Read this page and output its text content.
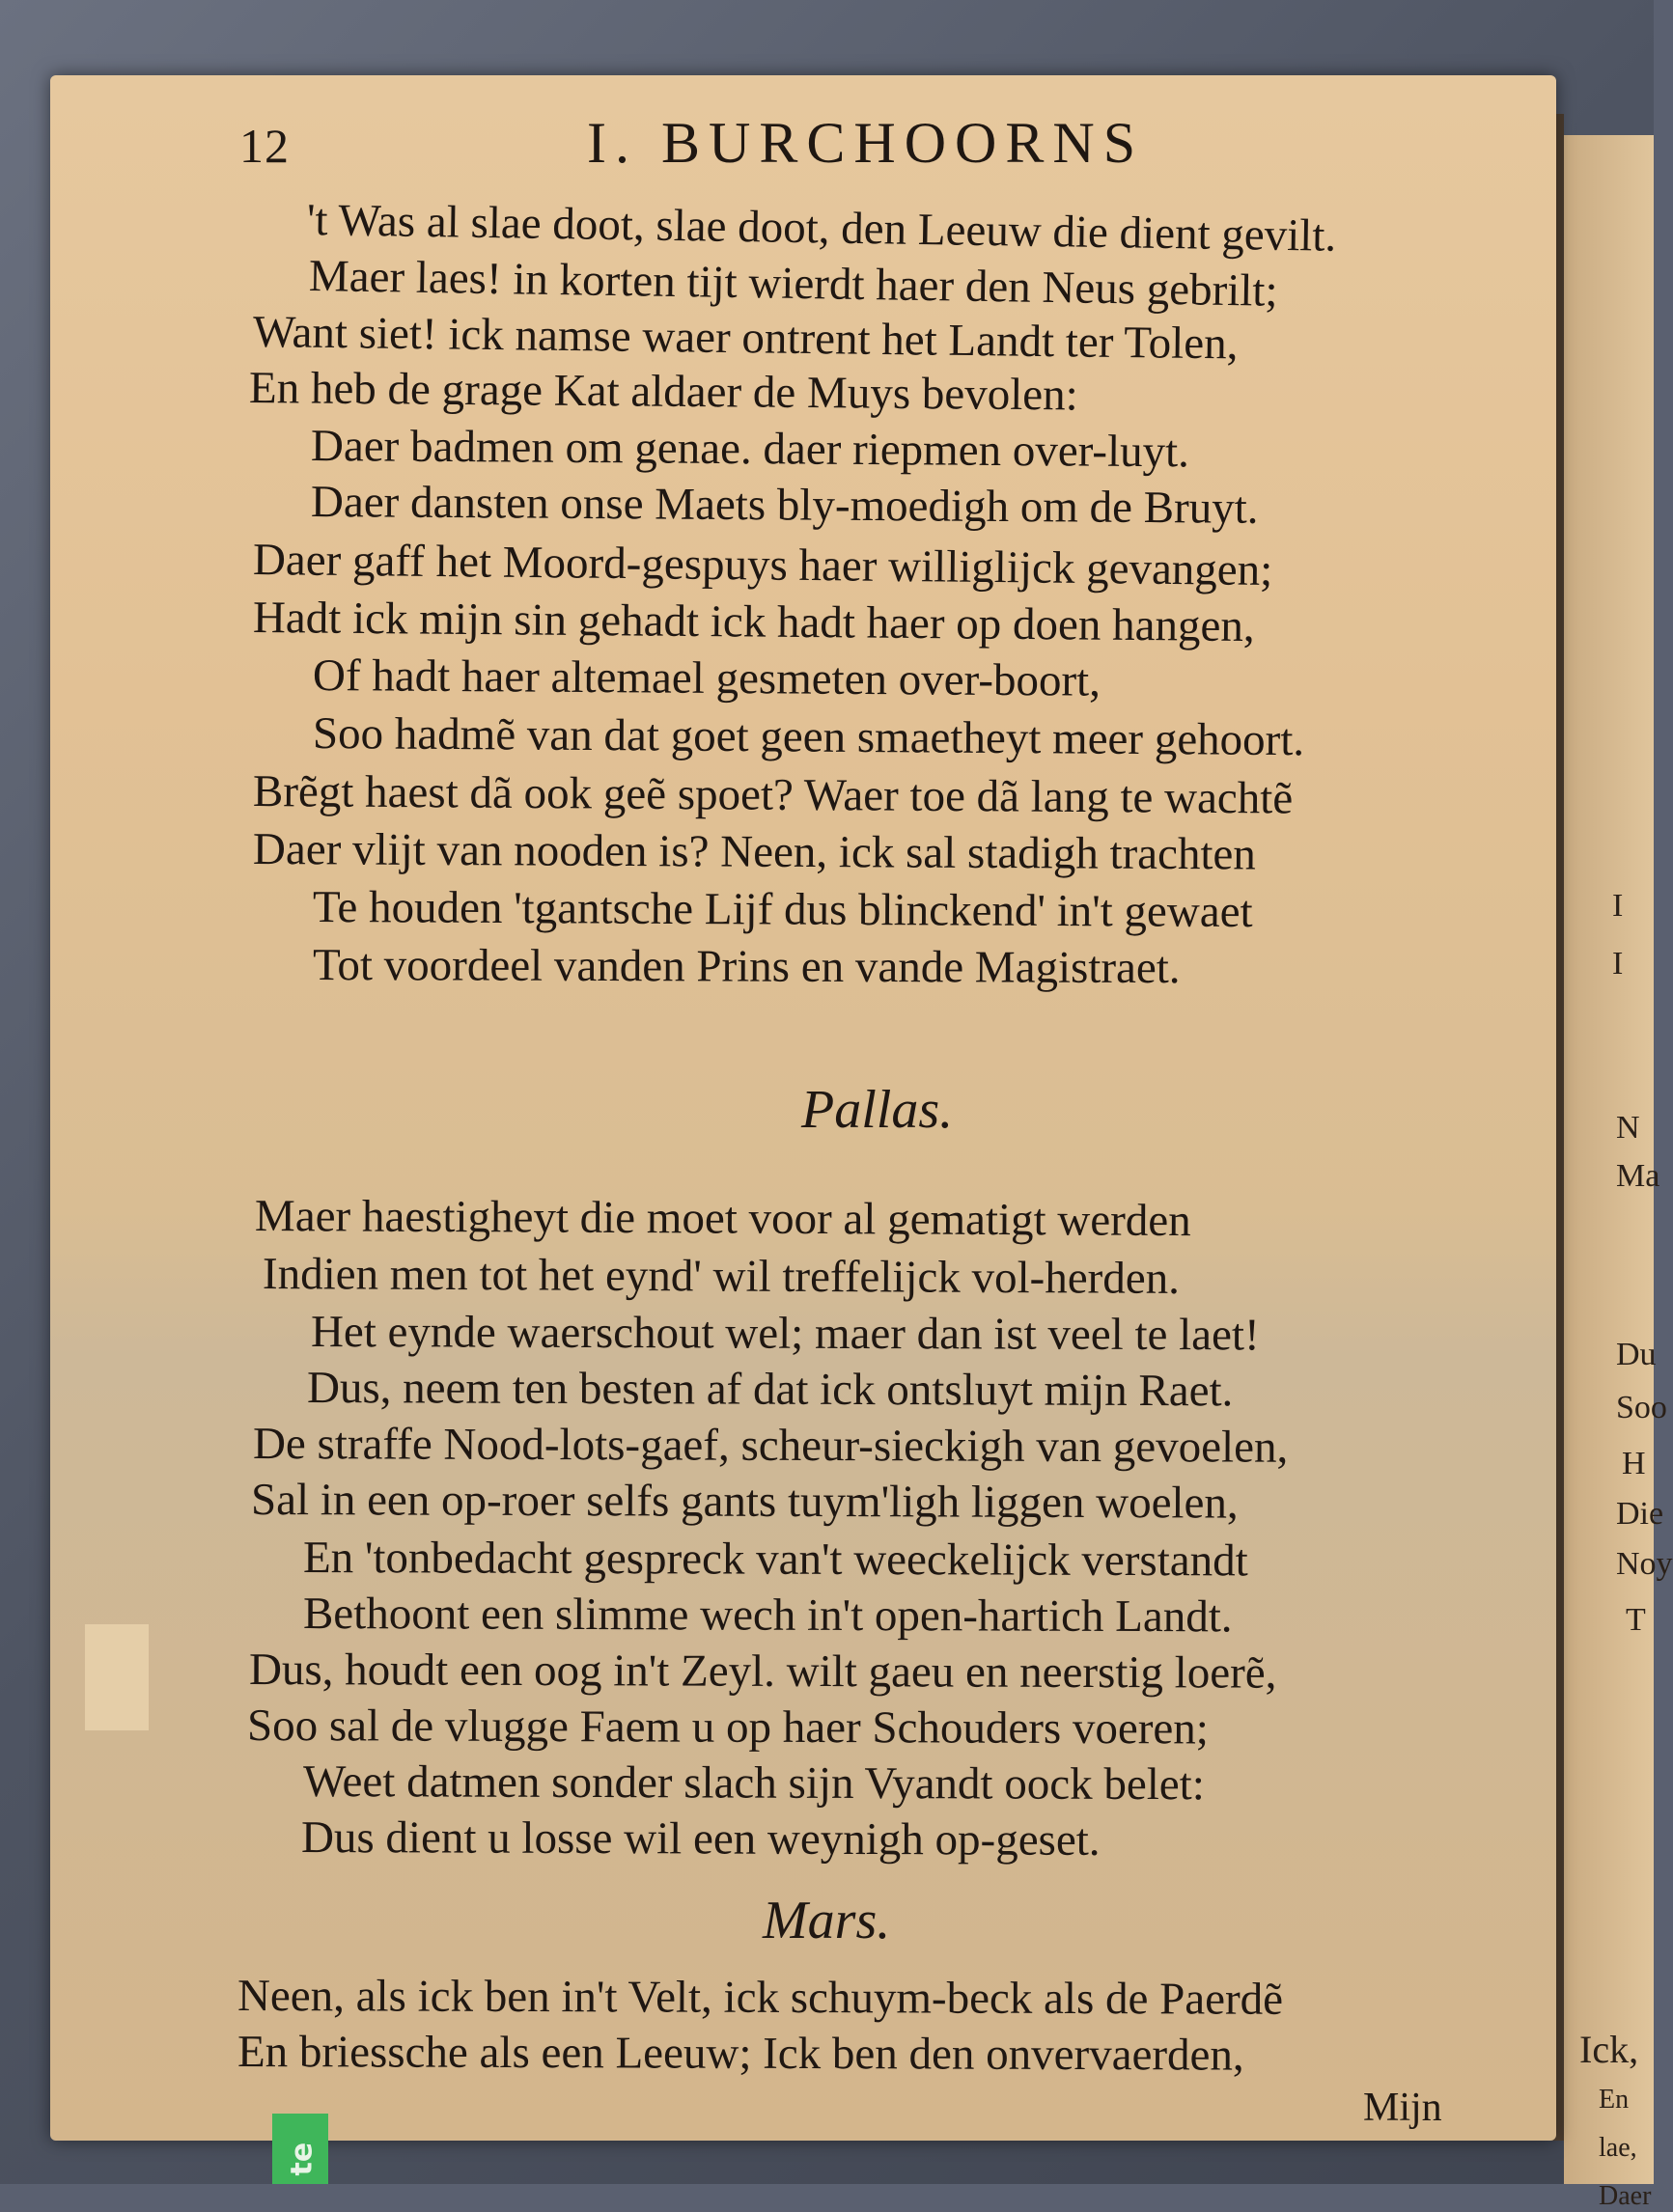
I
I
N
Ma
Du
Soo
H
Die
Noy
T
Ick,
En
lae,
Daer
te
12	I. BURCHOORNS
't Was al slae doot, slae doot, den Leeuw die dient gevilt.
Maer laes! in korten tijt wierdt haer den Neus gebrilt;
Want siet! ick namse waer ontrent het Landt ter Tolen,
En heb de grage Kat aldaer de Muys bevolen:
Daer badmen om genae. daer riepmen over-luyt.
Daer dansten onse Maets bly-moedigh om de Bruyt.
Daer gaff het Moord-gespuys haer williglijck gevangen;
Hadt ick mijn sin gehadt ick hadt haer op doen hangen,
Of hadt haer altemael gesmeten over-boort,
Soo hadmẽ van dat goet geen smaetheyt meer gehoort.
Brẽgt haest dã ook geẽ spoet? Waer toe dã lang te wachtẽ
Daer vlijt van nooden is? Neen, ick sal stadigh trachten
Te houden 'tgantsche Lijf dus blinckend' in't gewaet
Tot voordeel vanden Prins en vande Magistraet.
Pallas.
Maer haestigheyt die moet voor al gematigt werden
Indien men tot het eynd' wil treffelijck vol-herden.
Het eynde waerschout wel; maer dan ist veel te laet!
Dus, neem ten besten af dat ick ontsluyt mijn Raet.
De straffe Nood-lots-gaef, scheur-sieckigh van gevoelen,
Sal in een op-roer selfs gants tuym'ligh liggen woelen,
En 'tonbedacht gespreck van't weeckelijck verstandt
Bethoont een slimme wech in't open-hartich Landt.
Dus, houdt een oog in't Zeyl. wilt gaeu en neerstig loerẽ,
Soo sal de vlugge Faem u op haer Schouders voeren;
Weet datmen sonder slach sijn Vyandt oock belet:
Dus dient u losse wil een weynigh op-geset.
Mars.
Neen, als ick ben in't Velt, ick schuym-beck als de Paerdẽ
En briessche als een Leeuw; Ick ben den onvervaerden,
Mijn
